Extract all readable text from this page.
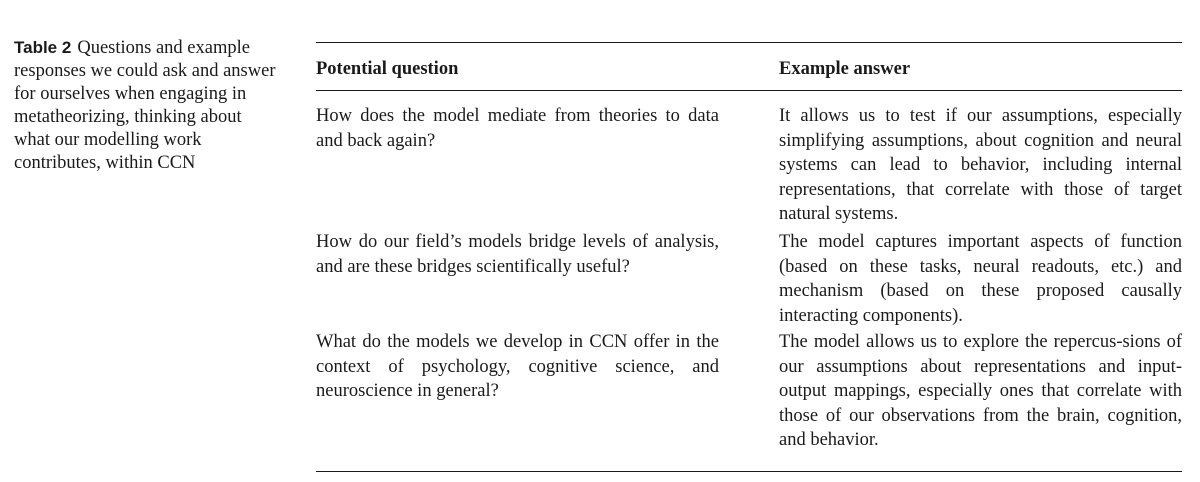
Table 2 Questions and example responses we could ask and answer for ourselves when engaging in metatheorizing, thinking about what our modelling work contributes, within CCN
Potential question	Example answer
How does the model mediate from theories to data and back again?
It allows us to test if our assumptions, especially simplifying assumptions, about cognition and neural systems can lead to behavior, including internal representations, that correlate with those of target natural systems.
How do our field’s models bridge levels of analysis, and are these bridges scientifically useful?
The model captures important aspects of function (based on these tasks, neural readouts, etc.) and mechanism (based on these proposed causally interacting components).
What do the models we develop in CCN offer in the context of psychology, cognitive science, and neuroscience in general?
The model allows us to explore the repercus-sions of our assumptions about representations and input-output mappings, especially ones that correlate with those of our observations from the brain, cognition, and behavior.
